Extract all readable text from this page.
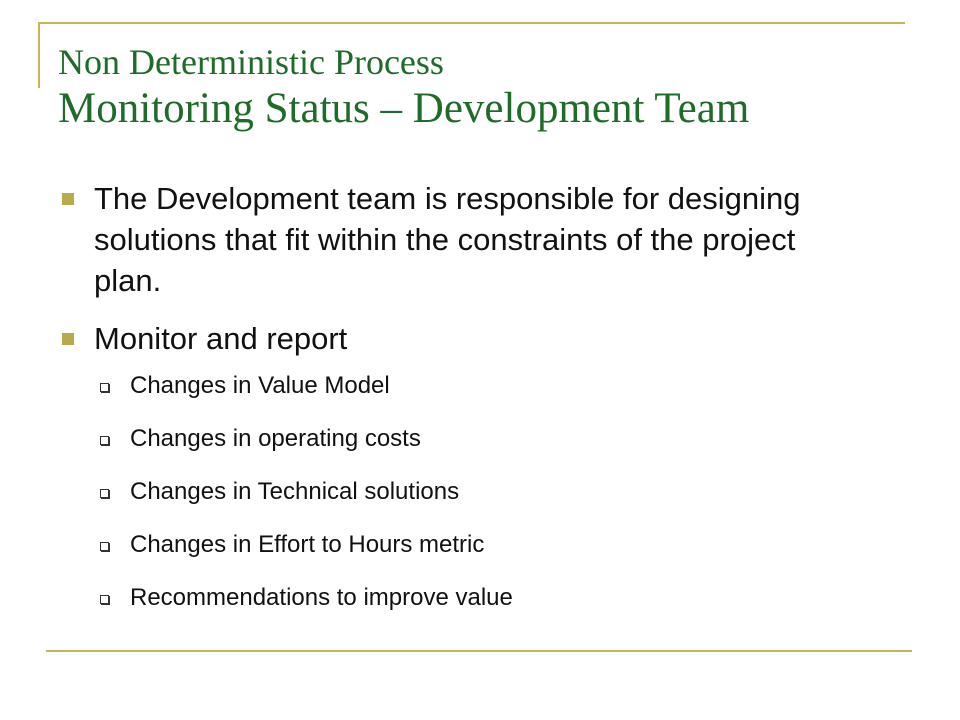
Non Deterministic Process
Monitoring Status – Development Team
The Development team is responsible for designing solutions that fit within the constraints of the project plan.
Monitor and report
Changes in Value Model
Changes in operating costs
Changes in Technical solutions
Changes in Effort to Hours metric
Recommendations to improve value
